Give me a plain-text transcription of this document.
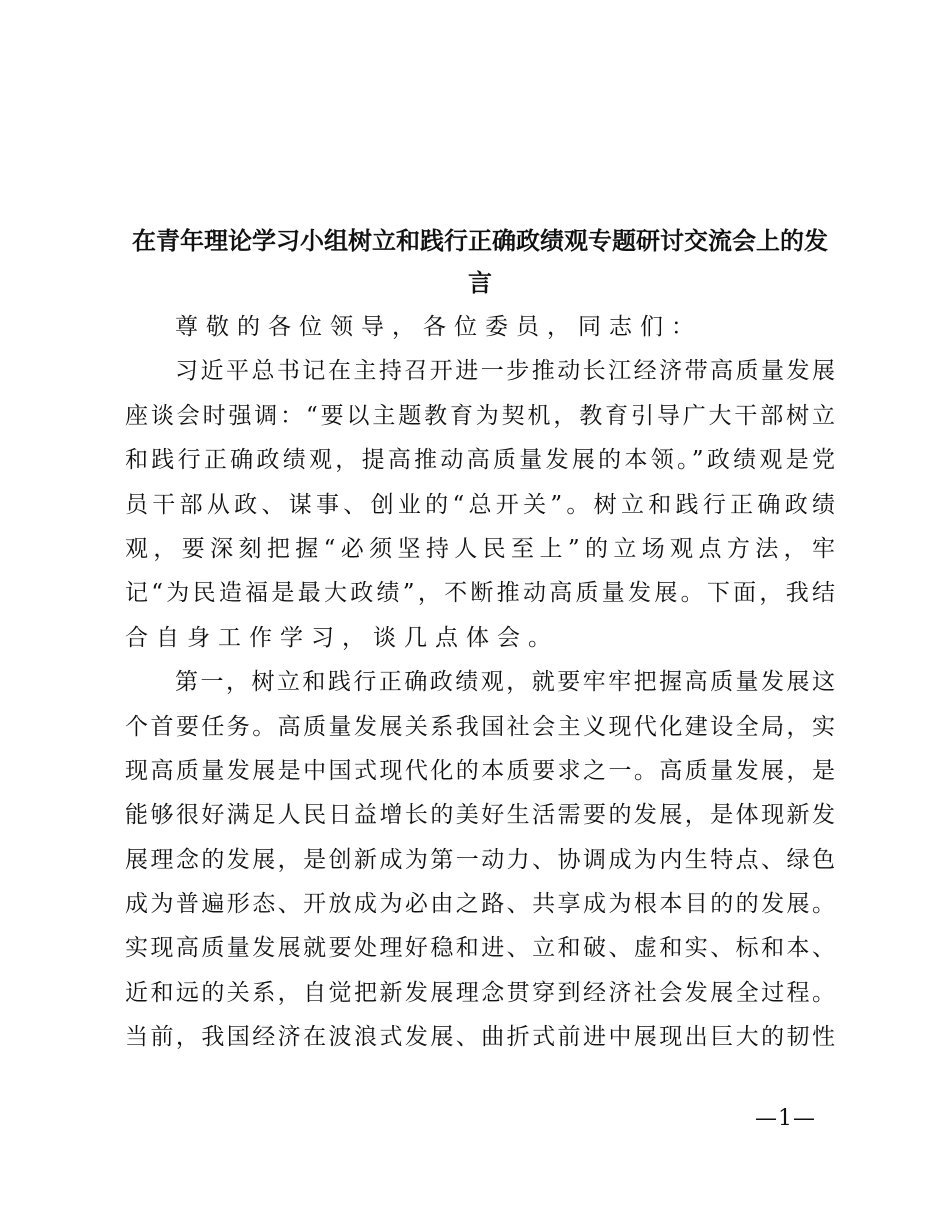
在青年理论学习小组树立和践行正确政绩观专题研讨交流会上的发
言
尊敬的各位领导，各位委员，同志们：
习近平总书记在主持召开进一步推动长江经济带高质量发展
座谈会时强调：“要以主题教育为契机，教育引导广大干部树立
和践行正确政绩观，提高推动高质量发展的本领。”政绩观是党
员干部从政、谋事、创业的“总开关”。树立和践行正确政绩
观，要深刻把握“必须坚持人民至上”的立场观点方法，牢
记“为民造福是最大政绩”，不断推动高质量发展。下面，我结
合自身工作学习，谈几点体会。
第一，树立和践行正确政绩观，就要牢牢把握高质量发展这
个首要任务。高质量发展关系我国社会主义现代化建设全局，实
现高质量发展是中国式现代化的本质要求之一。高质量发展，是
能够很好满足人民日益增长的美好生活需要的发展，是体现新发
展理念的发展，是创新成为第一动力、协调成为内生特点、绿色
成为普遍形态、开放成为必由之路、共享成为根本目的的发展。
实现高质量发展就要处理好稳和进、立和破、虚和实、标和本、
近和远的关系，自觉把新发展理念贯穿到经济社会发展全过程。
当前，我国经济在波浪式发展、曲折式前进中展现出巨大的韧性
—1—
